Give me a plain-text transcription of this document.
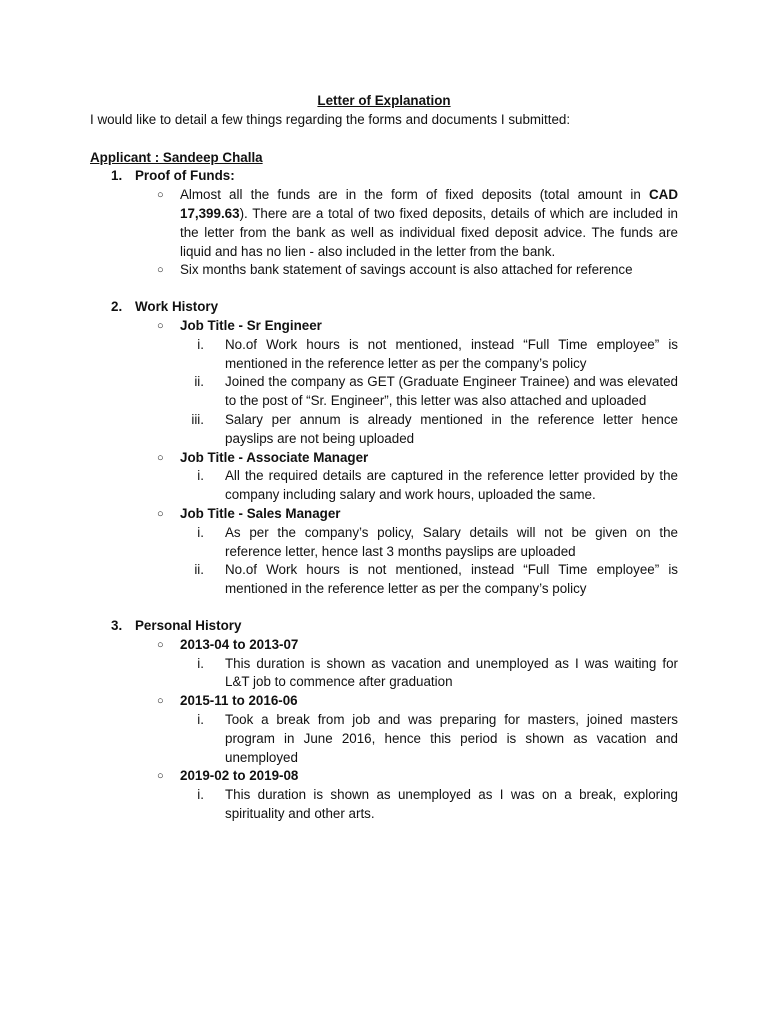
Letter of Explanation

I would like to detail a few things regarding the forms and documents I submitted:

Applicant : Sandeep Challa
1. Proof of Funds:
○ Almost all the funds are in the form of fixed deposits (total amount in CAD 17,399.63). There are a total of two fixed deposits, details of which are included in the letter from the bank as well as individual fixed deposit advice. The funds are liquid and has no lien - also included in the letter from the bank.
○ Six months bank statement of savings account is also attached for reference
2. Work History
○ Job Title - Sr Engineer
i. No.of Work hours is not mentioned, instead “Full Time employee” is mentioned in the reference letter as per the company’s policy
ii. Joined the company as GET (Graduate Engineer Trainee) and was elevated to the post of “Sr. Engineer”, this letter was also attached and uploaded
iii. Salary per annum is already mentioned in the reference letter hence payslips are not being uploaded
○ Job Title - Associate Manager
i. All the required details are captured in the reference letter provided by the company including salary and work hours, uploaded the same.
○ Job Title - Sales Manager
i. As per the company’s policy, Salary details will not be given on the reference letter, hence last 3 months payslips are uploaded
ii. No.of Work hours is not mentioned, instead “Full Time employee” is mentioned in the reference letter as per the company’s policy
3. Personal History
○ 2013-04 to 2013-07
i. This duration is shown as vacation and unemployed as I was waiting for L&T job to commence after graduation
○ 2015-11 to 2016-06
i. Took a break from job and was preparing for masters, joined masters program in June 2016, hence this period is shown as vacation and unemployed
○ 2019-02 to 2019-08
i. This duration is shown as unemployed as I was on a break, exploring spirituality and other arts.
